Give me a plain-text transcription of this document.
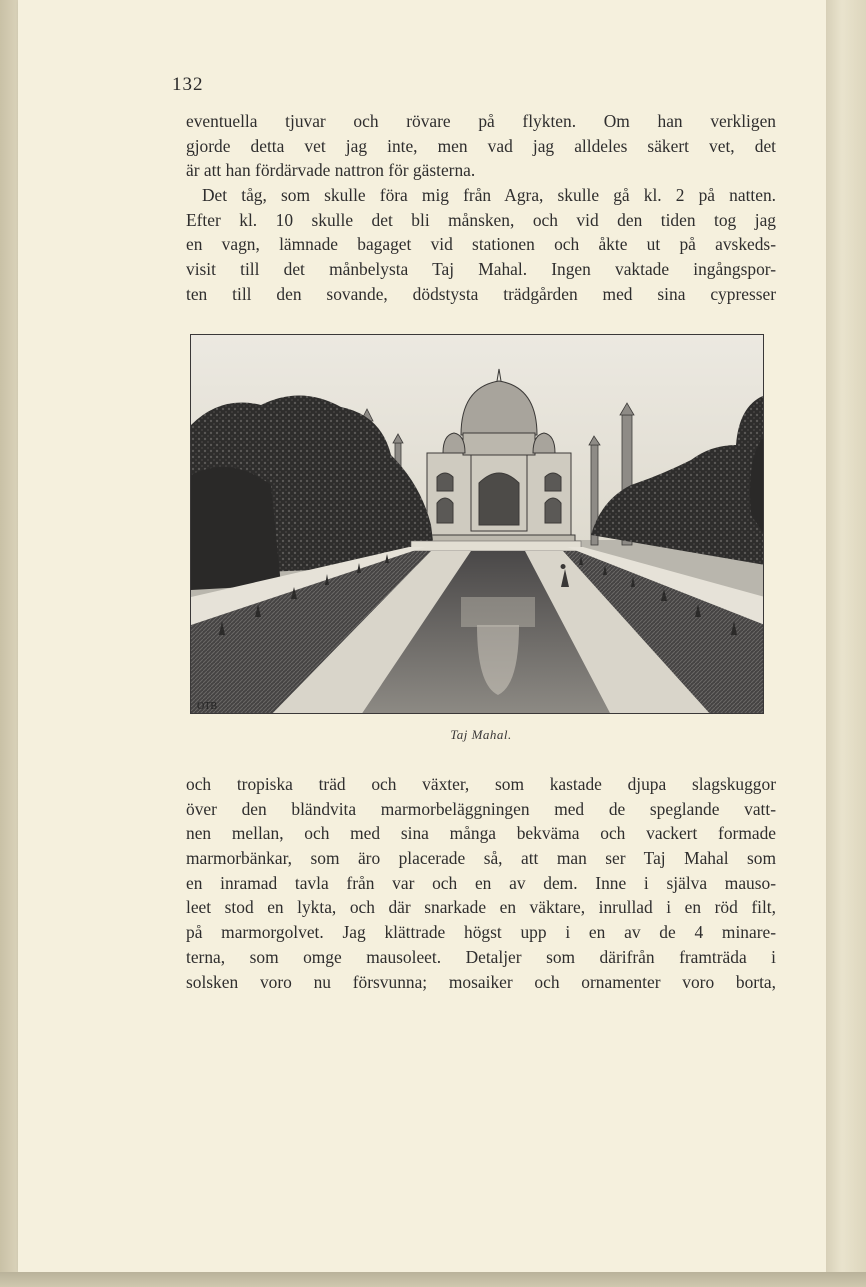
132
eventuella tjuvar och rövare på flykten. Om han verkligen
gjorde detta vet jag inte, men vad jag alldeles säkert vet, det
är att han fördärvade nattron för gästerna.
Det tåg, som skulle föra mig från Agra, skulle gå kl. 2 på natten.
Efter kl. 10 skulle det bli månsken, och vid den tiden tog jag
en vagn, lämnade bagaget vid stationen och åkte ut på avskeds-
visit till det månbelysta Taj Mahal. Ingen vaktade ingångspor-
ten till den sovande, dödstysta trädgården med sina cypresser
OTB
Taj Mahal.
och tropiska träd och växter, som kastade djupa slagskuggor
över den bländvita marmorbeläggningen med de speglande vatt-
nen mellan, och med sina många bekväma och vackert formade
marmorbänkar, som äro placerade så, att man ser Taj Mahal som
en inramad tavla från var och en av dem. Inne i själva mauso-
leet stod en lykta, och där snarkade en väktare, inrullad i en röd filt,
på marmorgolvet. Jag klättrade högst upp i en av de 4 minare-
terna, som omge mausoleet. Detaljer som därifrån framträda i
solsken voro nu försvunna; mosaiker och ornamenter voro borta,
